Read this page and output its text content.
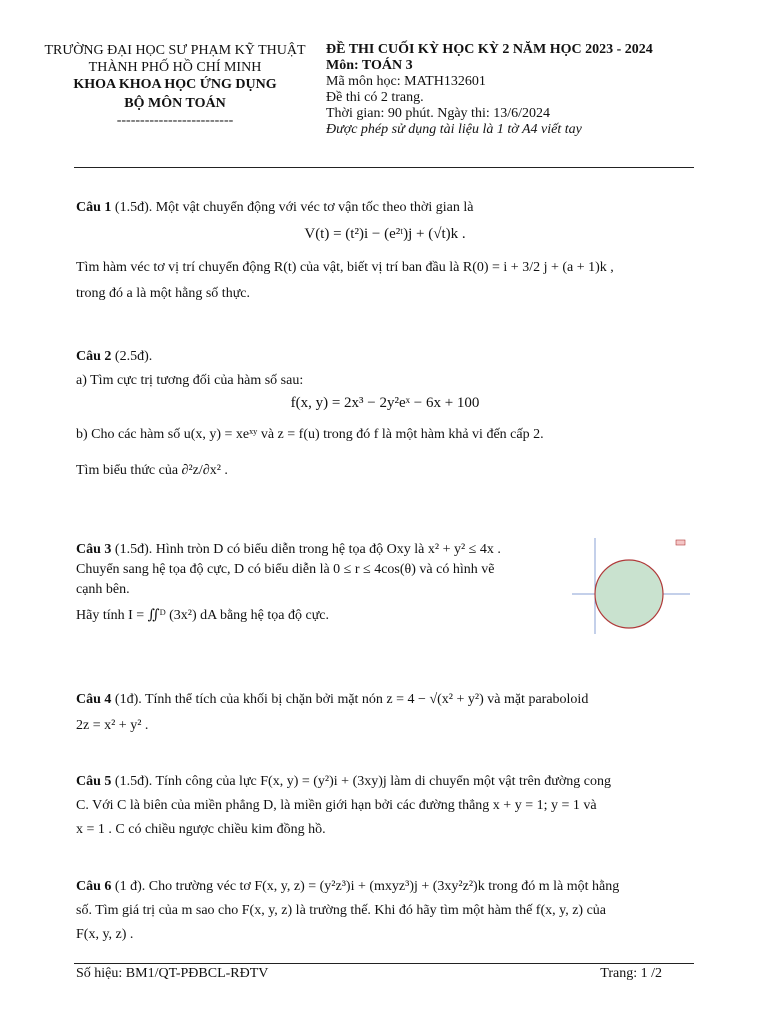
TRƯỜNG ĐẠI HỌC SƯ PHẠM KỸ THUẬT
THÀNH PHỐ HỒ CHÍ MINH
KHOA KHOA HỌC ỨNG DỤNG
BỘ MÔN TOÁN
-------------------------
ĐỀ THI CUỐI KỲ HỌC KỲ 2 NĂM HỌC 2023 - 2024
Môn: TOÁN 3
Mã môn học: MATH132601
Đề thi có 2 trang.
Thời gian: 90 phút. Ngày thi: 13/6/2024
Được phép sử dụng tài liệu là 1 tờ A4 viết tay
Câu 1 (1.5đ). Một vật chuyển động với véc tơ vận tốc theo thời gian là
V(t) = (t²)i − (e²ᵗ)j + (√t)k .
Tìm hàm véc tơ vị trí chuyển động R(t) của vật, biết vị trí ban đầu là R(0) = i + 3/2 j + (a + 1)k ,
trong đó a là một hằng số thực.
Câu 2 (2.5đ).
a) Tìm cực trị tương đối của hàm số sau:
f(x, y) = 2x³ − 2y²eˣ − 6x + 100
b) Cho các hàm số u(x, y) = xeˣʸ và z = f(u) trong đó f là một hàm khả vi đến cấp 2.
Tìm biểu thức của ∂²z/∂x² .
Câu 3 (1.5đ). Hình tròn D có biểu diễn trong hệ tọa độ Oxy là x² + y² ≤ 4x .
Chuyển sang hệ tọa độ cực, D có biểu diễn là 0 ≤ r ≤ 4cos(θ) và có hình vẽ
cạnh bên.
Hãy tính I = ∬ᴰ (3x²) dA bằng hệ tọa độ cực.
Câu 4 (1đ). Tính thể tích của khối bị chặn bởi mặt nón z = 4 − √(x² + y²) và mặt paraboloid
2z = x² + y² .
Câu 5 (1.5đ). Tính công của lực F(x, y) = (y²)i + (3xy)j làm di chuyển một vật trên đường cong
C. Với C là biên của miền phẳng D, là miền giới hạn bởi các đường thẳng x + y = 1; y = 1 và
x = 1 . C có chiều ngược chiều kim đồng hồ.
Câu 6 (1 đ). Cho trường véc tơ F(x, y, z) = (y²z³)i + (mxyz³)j + (3xy²z²)k trong đó m là một hằng
số. Tìm giá trị của m sao cho F(x, y, z) là trường thế. Khi đó hãy tìm một hàm thế f(x, y, z) của
F(x, y, z) .
Số hiệu: BM1/QT-PĐBCL-RĐTV	Trang: 1 /2
